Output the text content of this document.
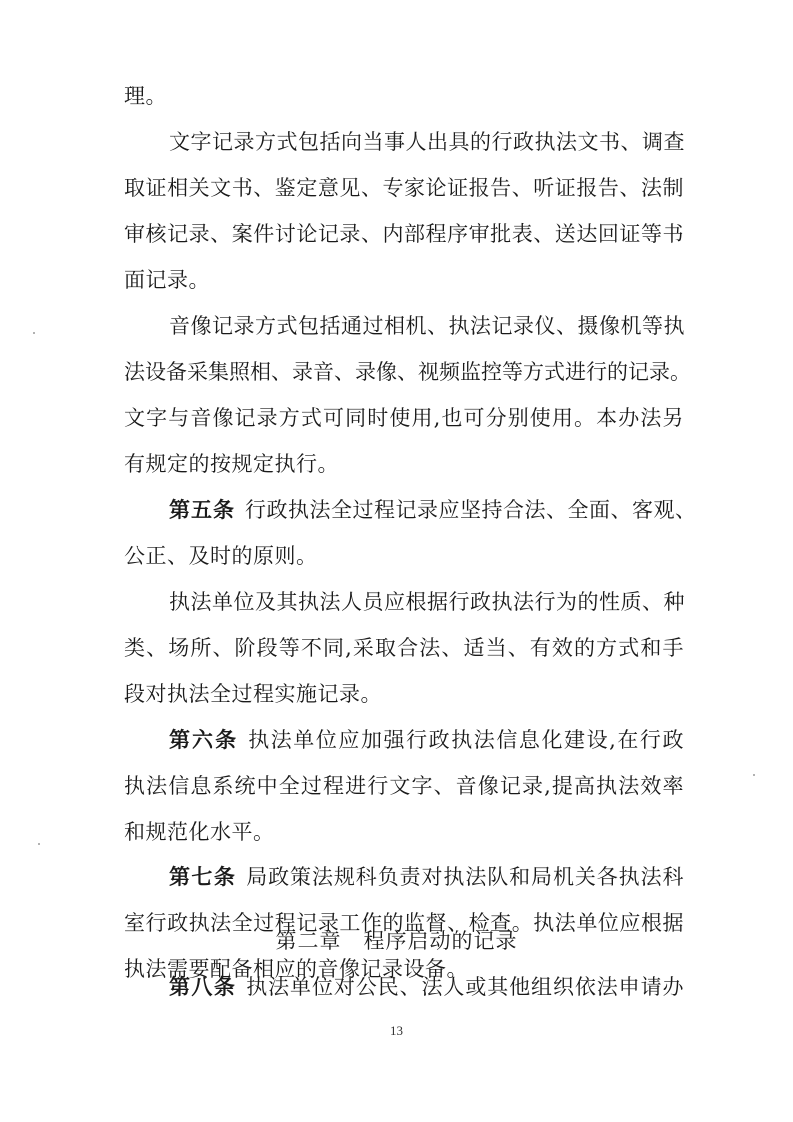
理。
文字记录方式包括向当事人出具的行政执法文书、调查
取证相关文书、鉴定意见、专家论证报告、听证报告、法制
审核记录、案件讨论记录、内部程序审批表、送达回证等书
面记录。
音像记录方式包括通过相机、执法记录仪、摄像机等执
法设备采集照相、录音、录像、视频监控等方式进行的记录。
文字与音像记录方式可同时使用,也可分别使用。本办法另
有规定的按规定执行。
第五条 行政执法全过程记录应坚持合法、全面、客观、
公正、及时的原则。
执法单位及其执法人员应根据行政执法行为的性质、种
类、场所、阶段等不同,采取合法、适当、有效的方式和手
段对执法全过程实施记录。
第六条 执法单位应加强行政执法信息化建设,在行政
执法信息系统中全过程进行文字、音像记录,提高执法效率
和规范化水平。
第七条 局政策法规科负责对执法队和局机关各执法科
室行政执法全过程记录工作的监督、检查。执法单位应根据
执法需要配备相应的音像记录设备。
第二章 程序启动的记录
第八条 执法单位对公民、法人或其他组织依法申请办
13
